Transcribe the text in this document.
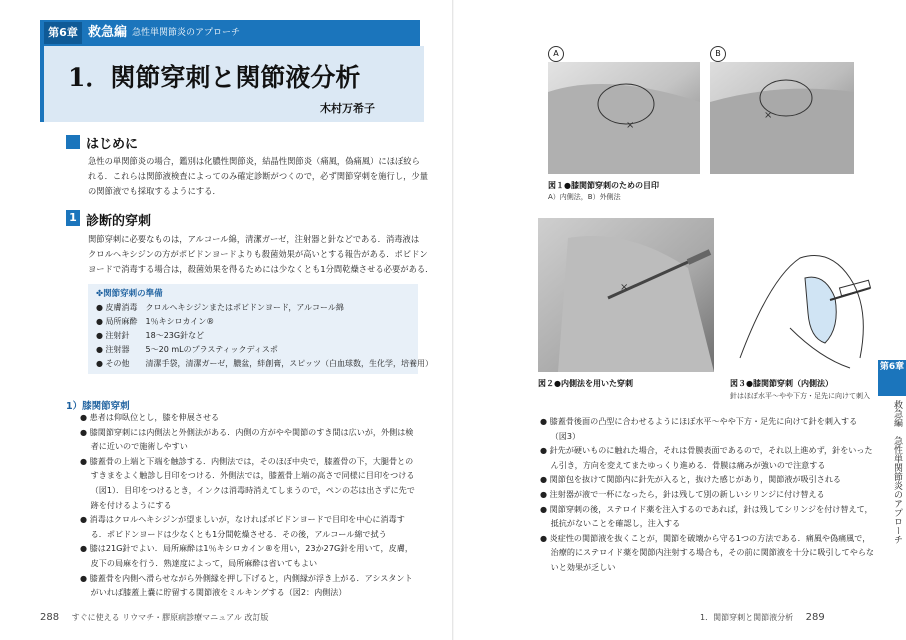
第6章 救急編 急性単関節炎のアプローチ
1．関節穿刺と関節液分析
木村万希子
はじめに
急性の単関節炎の場合，鑑別は化膿性関節炎，結晶性関節炎（痛風，偽痛風）にほぼ絞ら
れる．これらは関節液検査によってのみ確定診断がつくので，必ず関節穿刺を施行し，少量
の関節液でも採取するようにする．
1 診断的穿刺
関節穿刺に必要なものは，アルコール綿，清潔ガーゼ，注射器と針などである．消毒液は
クロルヘキシジンの方がポビドンヨードよりも殺菌効果が高いとする報告がある．ポビドン
ヨードで消毒する場合は，殺菌効果を得るためには少なくとも1分間乾燥させる必要がある．
✤関節穿刺の準備
● 皮膚消毒 クロルヘキシジンまたはポビドンヨード，アルコール綿
● 局所麻酔 1％キシロカイン®
● 注射針 18～23G針など
● 注射器 5～20 mLのプラスティックディスポ
● その他 清潔手袋，清潔ガーゼ，膿盆，絆創膏，スピッツ（白血球数，生化学，培養用）
1）膝関節穿刺
● 患者は仰臥位とし，膝を伸展させる
● 膝関節穿刺には内側法と外側法がある．内側の方がやや関節のすき間は広いが，外側は検
　 者に近いので施術しやすい
● 膝蓋骨の上端と下端を触診する．内側法では，そのほぼ中央で，膝蓋骨の下，大腿骨との
　 すきまをよく触診し目印をつける．外側法では，膝蓋骨上端の高さで同様に目印をつける
　 （図1）．目印をつけるとき，インクは消毒時消えてしまうので，ペンの芯は出さずに先で
　 跡を付けるようにする
● 消毒はクロルヘキシジンが望ましいが，なければポビドンヨードで目印を中心に消毒す
　 る．ポビドンヨードは少なくとも1分間乾燥させる．その後，アルコール綿で拭う
● 膝は21G針でよい．局所麻酔は1％キシロカイン®を用い，23か27G針を用いて，皮膚，
　 皮下の局麻を行う．熟達度によって，局所麻酔は省いてもよい
● 膝蓋骨を内側へ滑らせながら外側縁を押し下げると，内側縁が浮き上がる．アシスタント
　 がいれば膝蓋上嚢に貯留する関節液をミルキングする（図2：内側法）
288 すぐに使える リウマチ・膠原病診療マニュアル 改訂版
A	B
×
×
図１●膝関節穿刺のための目印
A）内側法，B）外側法
×
図２●内側法を用いた穿刺	図３●膝関節穿刺（内側法）
針はほぼ水平～やや下方・足先に向けて刺入
● 膝蓋骨後面の凸型に合わせるようにほぼ水平～やや下方・足先に向けて針を刺入する
　 （図3）
● 針先が硬いものに触れた場合，それは骨膜表面であるので，それ以上進めず，針をいった
　 ん引き，方向を変えてまたゆっくり進める．骨膜は痛みが強いので注意する
● 関節包を抜けて関節内に針先が入ると，抜けた感じがあり，関節液が吸引される
● 注射器が液で一杯になったら，針は残して別の新しいシリンジに付け替える
● 関節穿刺の後，ステロイド薬を注入するのであれば，針は残してシリンジを付け替えて，
　 抵抗がないことを確認し，注入する
● 炎症性の関節液を抜くことが，関節を破壊から守る1つの方法である．痛風や偽痛風で，
　 治療的にステロイド薬を関節内注射する場合も，その前に関節液を十分に吸引してやらな
　 いと効果が乏しい
第6章
救急編　急性単関節炎のアプローチ
1．関節穿刺と関節液分析 289
